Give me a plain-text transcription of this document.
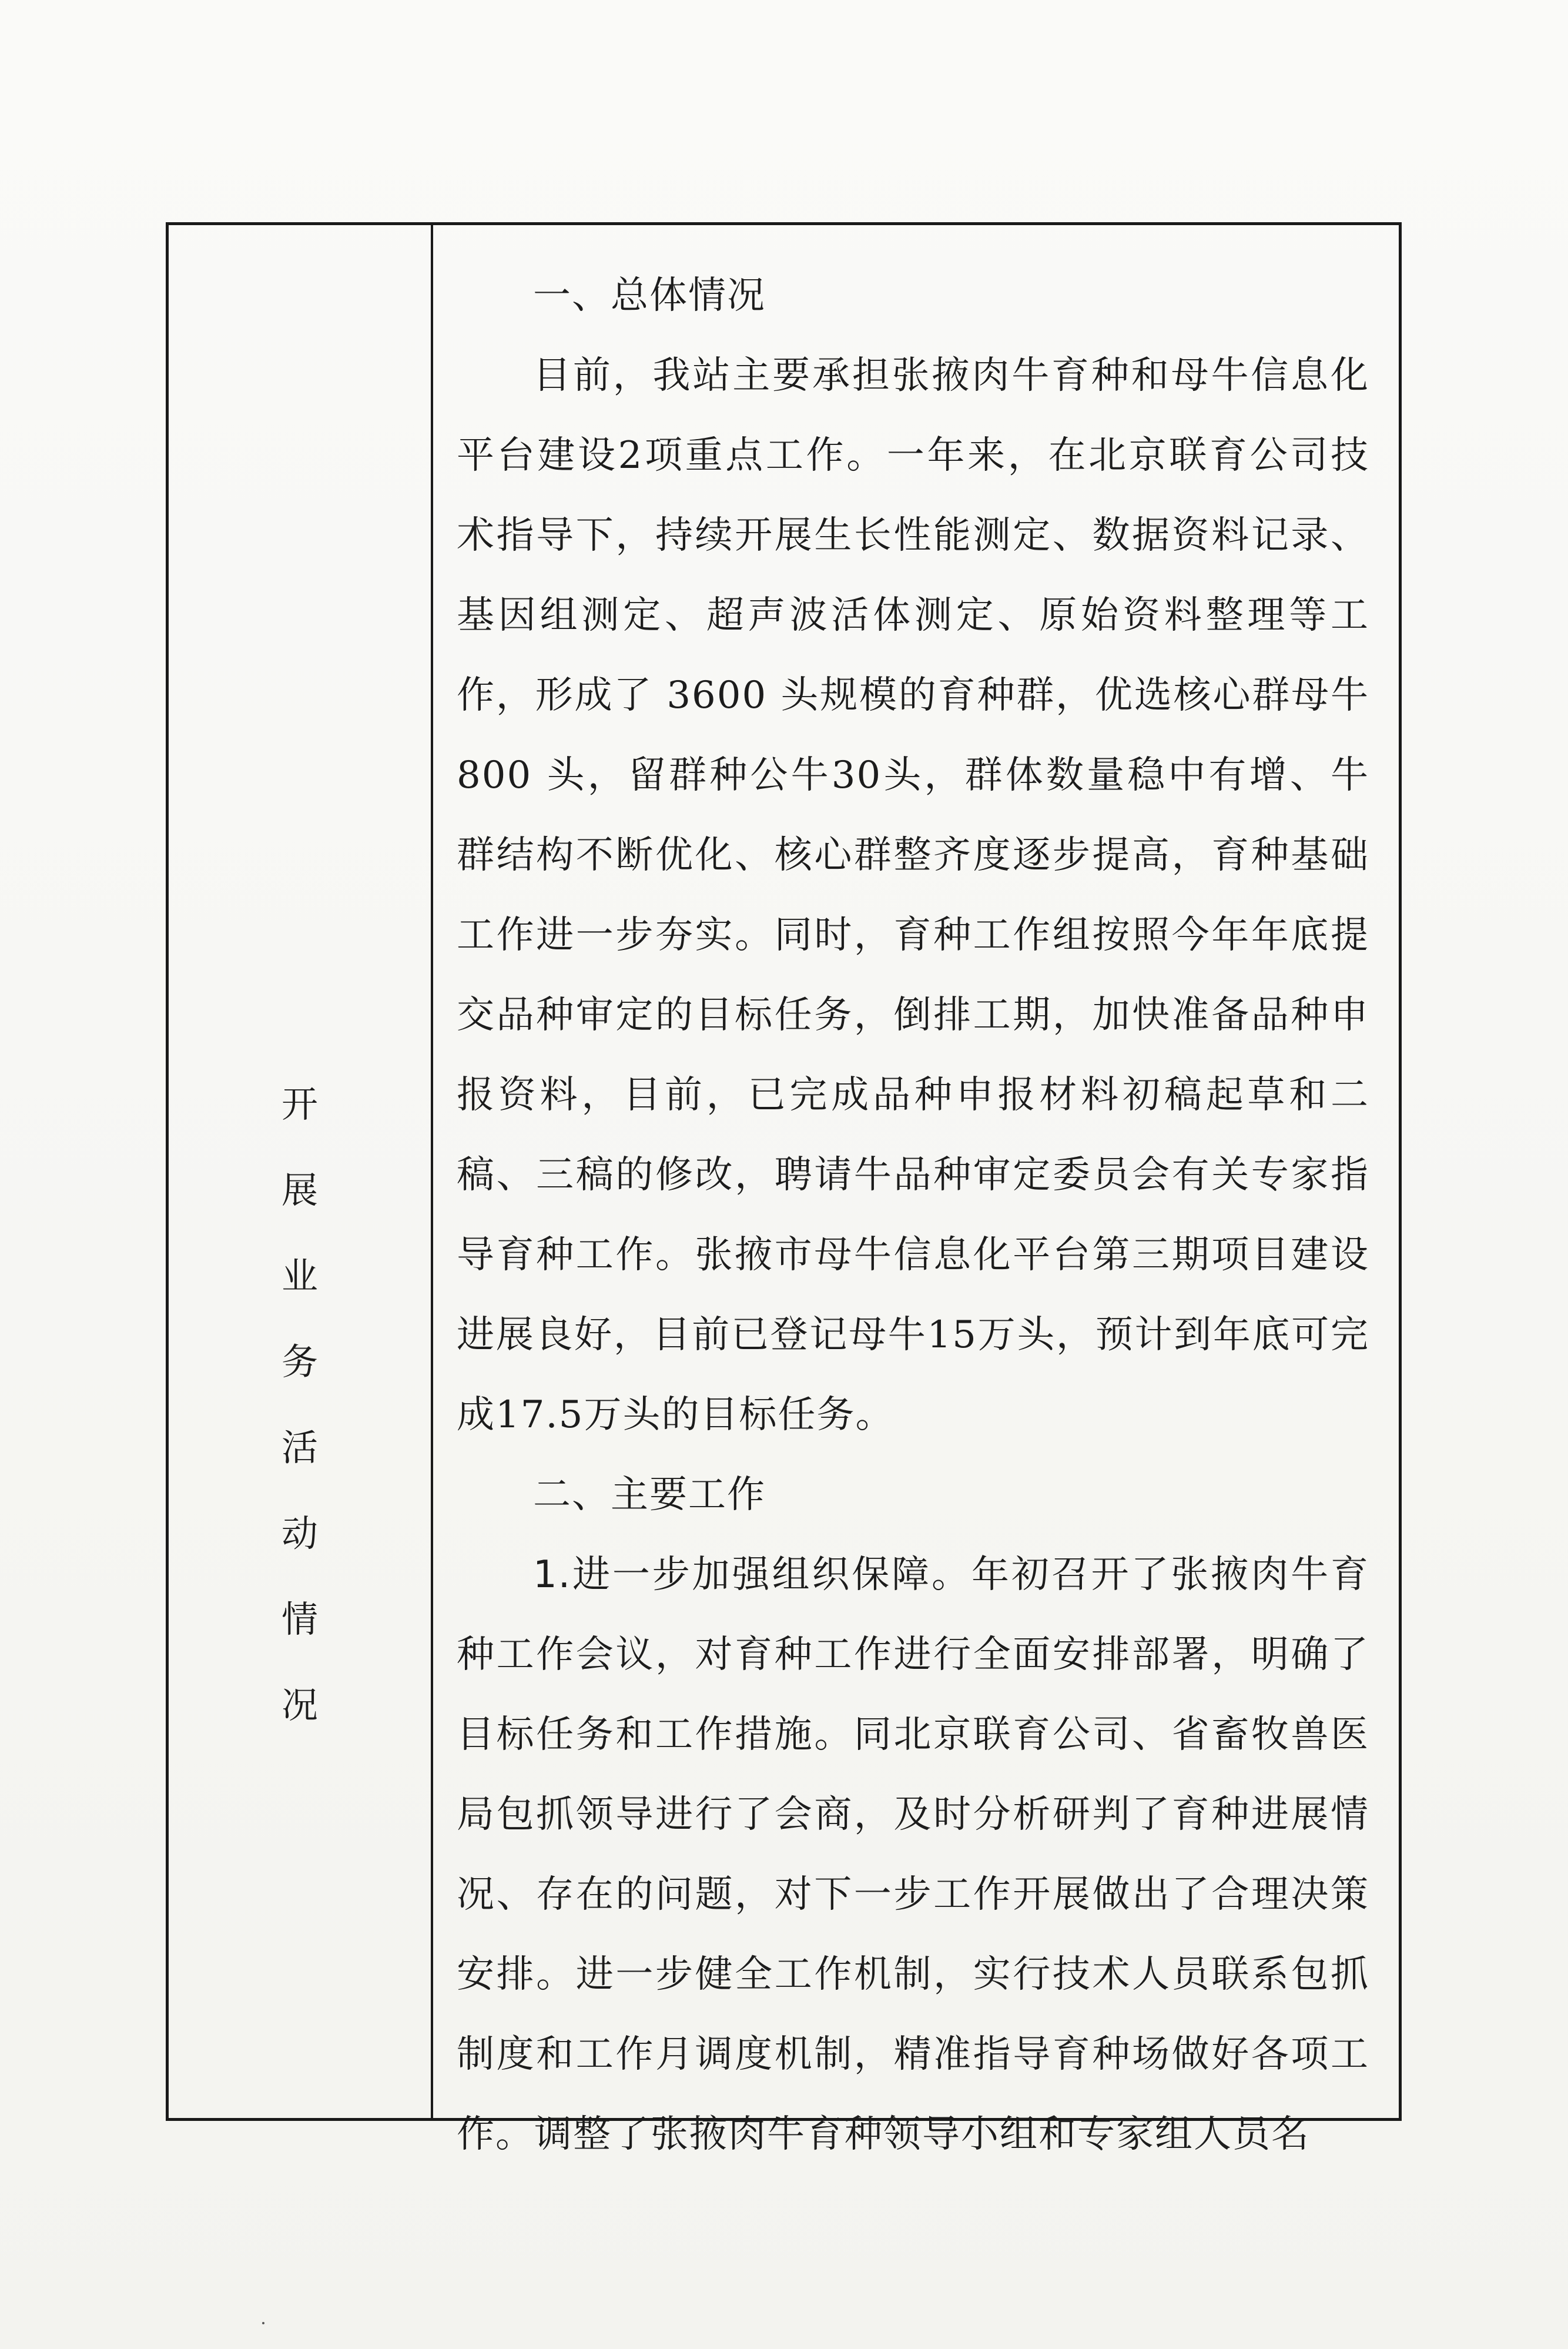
开
展
业
务
活
动
情
况

一、总体情况

目前，我站主要承担张掖肉牛育种和母牛信息化平台建设2项重点工作。一年来，在北京联育公司技术指导下，持续开展生长性能测定、数据资料记录、基因组测定、超声波活体测定、原始资料整理等工作，形成了 3600 头规模的育种群，优选核心群母牛 800 头，留群种公牛30头，群体数量稳中有增、牛群结构不断优化、核心群整齐度逐步提高，育种基础工作进一步夯实。同时，育种工作组按照今年年底提交品种审定的目标任务，倒排工期，加快准备品种申报资料，目前，已完成品种申报材料初稿起草和二稿、三稿的修改，聘请牛品种审定委员会有关专家指导育种工作。张掖市母牛信息化平台第三期项目建设进展良好，目前已登记母牛15万头，预计到年底可完成17.5万头的目标任务。

二、主要工作

1.进一步加强组织保障。年初召开了张掖肉牛育种工作会议，对育种工作进行全面安排部署，明确了目标任务和工作措施。同北京联育公司、省畜牧兽医局包抓领导进行了会商，及时分析研判了育种进展情况、存在的问题，对下一步工作开展做出了合理决策安排。进一步健全工作机制，实行技术人员联系包抓制度和工作月调度机制，精准指导育种场做好各项工作。调整了张掖肉牛育种领导小组和专家组人员名
